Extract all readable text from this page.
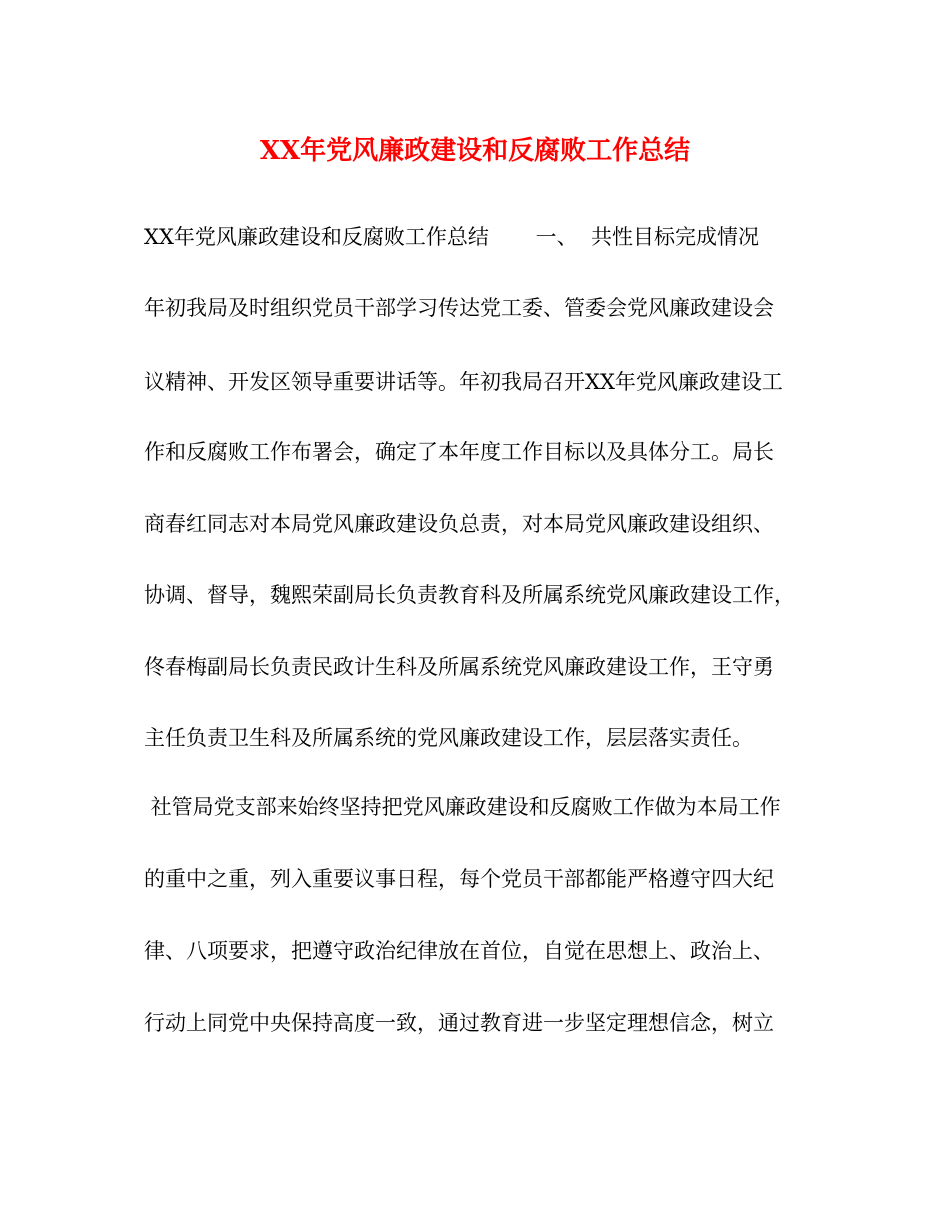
XX年党风廉政建设和反腐败工作总结
XX年党风廉政建设和反腐败工作总结       一、  共性目标完成情况
年初我局及时组织党员干部学习传达党工委、管委会党风廉政建设会
议精神、开发区领导重要讲话等。年初我局召开XX年党风廉政建设工
作和反腐败工作布署会，确定了本年度工作目标以及具体分工。局长
商春红同志对本局党风廉政建设负总责，对本局党风廉政建设组织、
协调、督导，魏熙荣副局长负责教育科及所属系统党风廉政建设工作，
佟春梅副局长负责民政计生科及所属系统党风廉政建设工作，王守勇
主任负责卫生科及所属系统的党风廉政建设工作，层层落实责任。
社管局党支部来始终坚持把党风廉政建设和反腐败工作做为本局工作
的重中之重，列入重要议事日程，每个党员干部都能严格遵守四大纪
律、八项要求，把遵守政治纪律放在首位，自觉在思想上、政治上、
行动上同党中央保持高度一致，通过教育进一步坚定理想信念，树立
